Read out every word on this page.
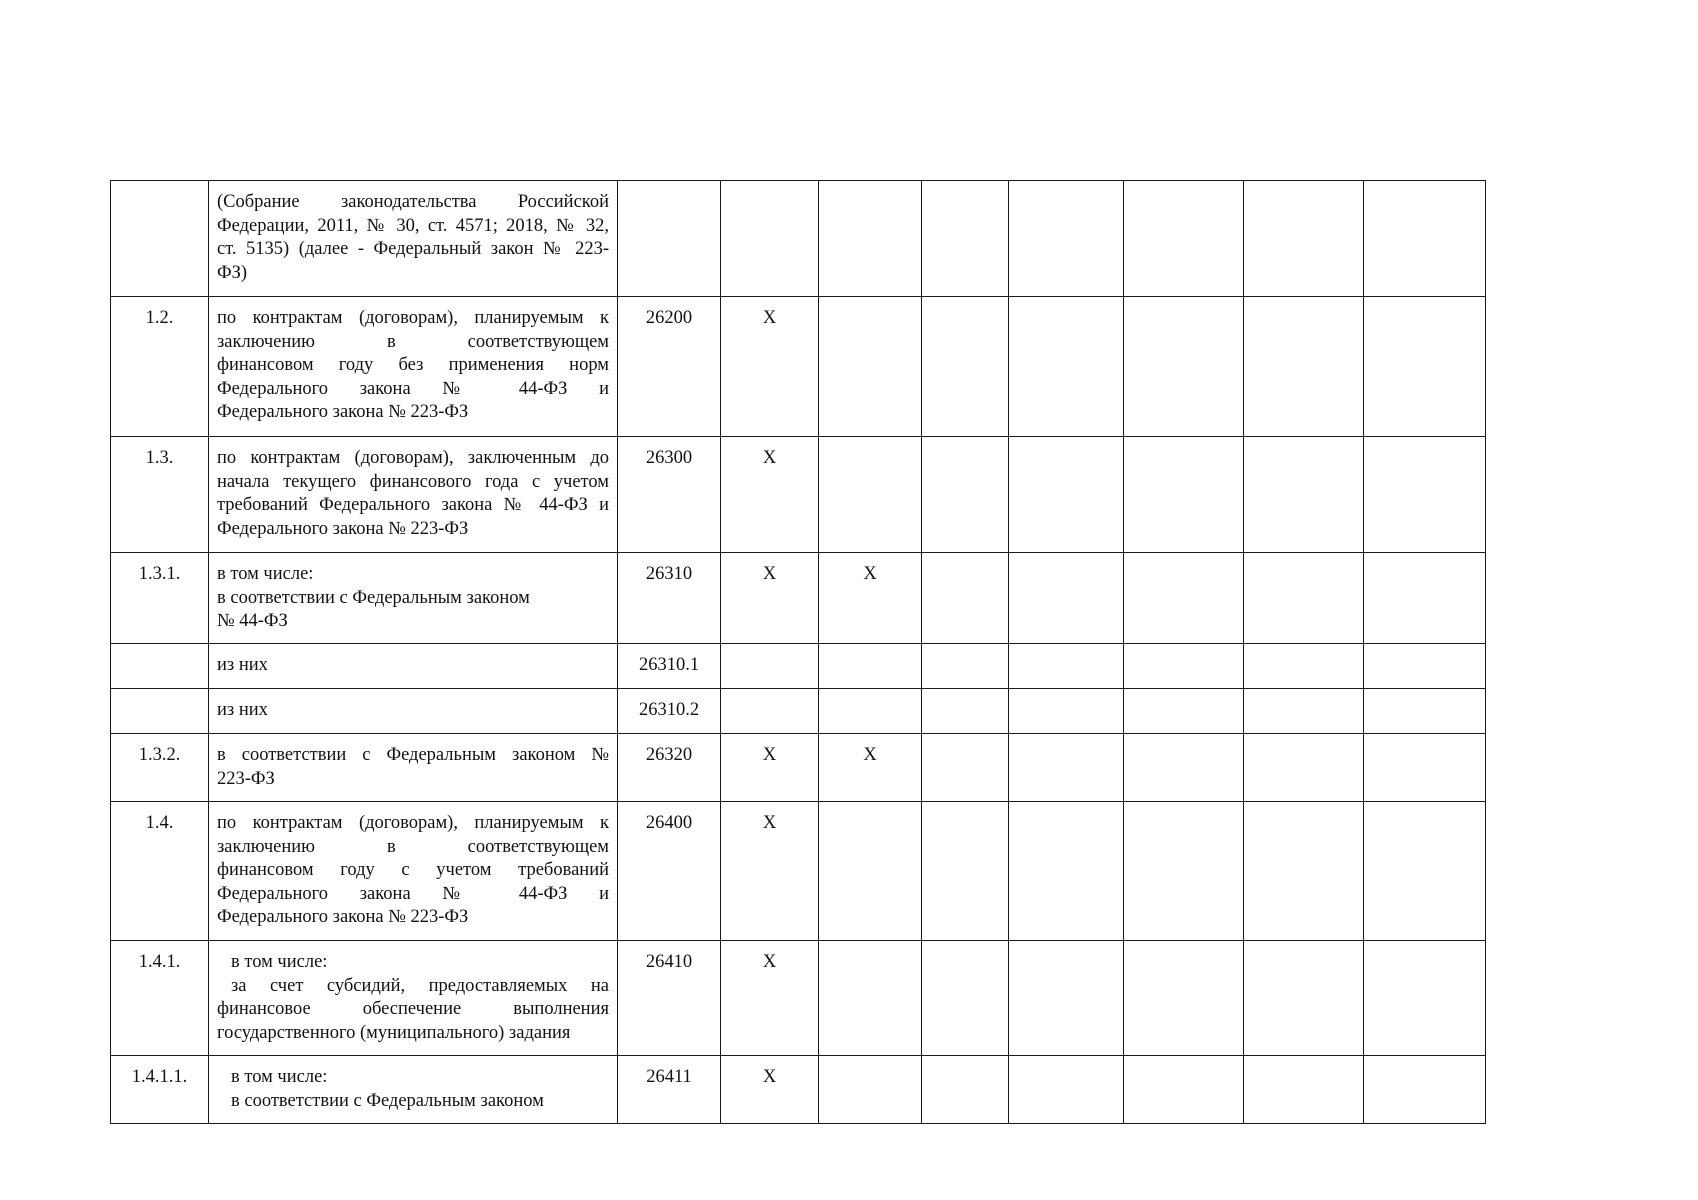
	(Собрание законодательства Российской
Федерации, 2011, № 30, ст. 4571; 2018, № 32,
ст. 5135) (далее - Федеральный закон № 223-
ФЗ)								

1.2.	по контрактам (договорам), планируемым к
заключению в соответствующем
финансовом году без применения норм
Федерального закона № 44-ФЗ и
Федерального закона № 223-ФЗ	26200	X						
1.3.	по контрактам (договорам), заключенным до
начала текущего финансового года с учетом
требований Федерального закона № 44-ФЗ и
Федерального закона № 223-ФЗ	26300	X						
1.3.1.	в том числе:
в соответствии с Федеральным законом
№ 44-ФЗ	26310	X	X					

	из них	26310.1							

	из них	26310.2							
1.3.2.	в соответствии с Федеральным законом №
223-ФЗ	26320	X	X					
1.4.	по контрактам (договорам), планируемым к
заключению в соответствующем
финансовом году с учетом требований
Федерального закона № 44-ФЗ и
Федерального закона № 223-ФЗ	26400	X						
1.4.1.	в том числе:
за счет субсидий, предоставляемых на
финансовое обеспечение выполнения
государственного (муниципального) задания	26410	X						
1.4.1.1.	в том числе:
в соответствии с Федеральным законом	26411	X						
